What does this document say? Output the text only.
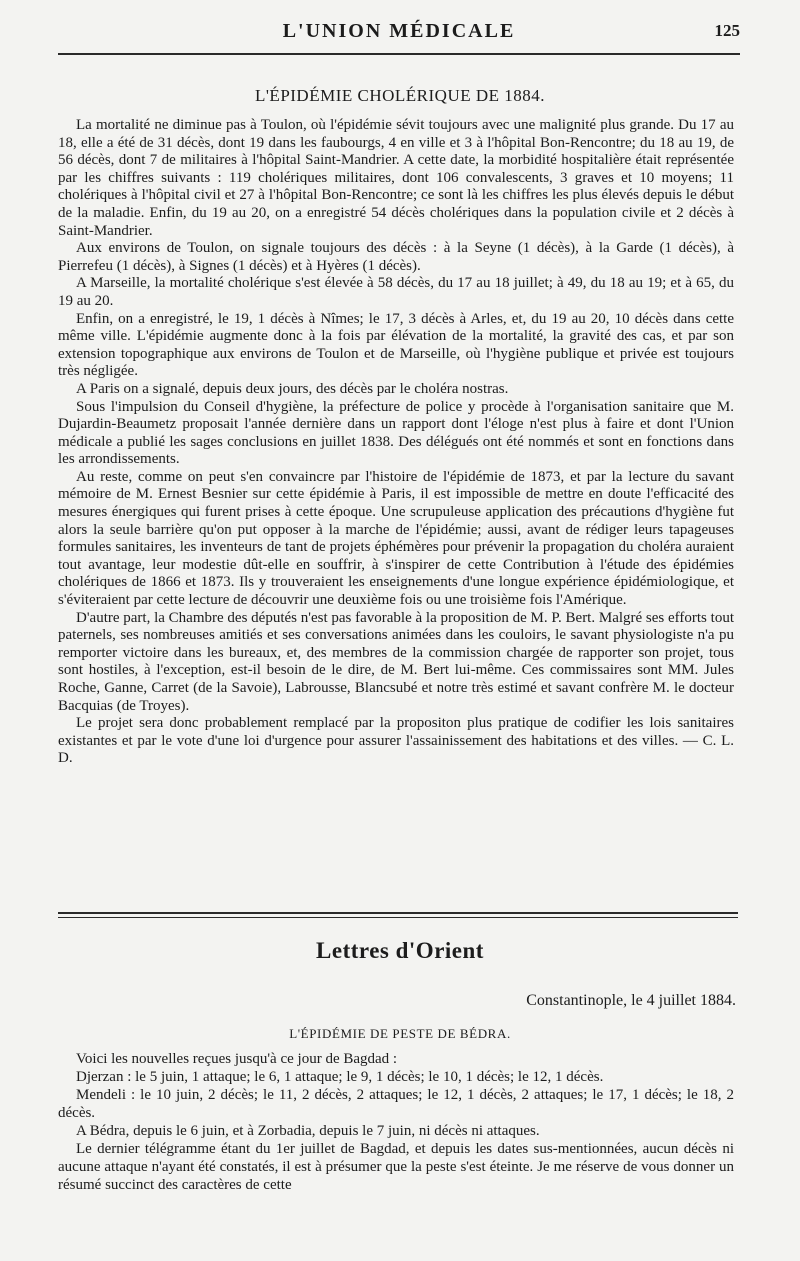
L'UNION MÉDICALE	125
L'ÉPIDÉMIE CHOLÉRIQUE DE 1884.

La mortalité ne diminue pas à Toulon, où l'épidémie sévit toujours avec une malignité plus grande. Du 17 au 18, elle a été de 31 décès, dont 19 dans les faubourgs, 4 en ville et 3 à l'hôpital Bon-Rencontre; du 18 au 19, de 56 décès, dont 7 de militaires à l'hôpital Saint-Mandrier. A cette date, la morbidité hospitalière était représentée par les chiffres suivants : 119 cholériques militaires, dont 106 convalescents, 3 graves et 10 moyens; 11 cholériques à l'hôpital civil et 27 à l'hôpital Bon-Rencontre; ce sont là les chiffres les plus élevés depuis le début de la maladie. Enfin, du 19 au 20, on a enregistré 54 décès cholériques dans la population civile et 2 décès à Saint-Mandrier.

Aux environs de Toulon, on signale toujours des décès : à la Seyne (1 décès), à la Garde (1 décès), à Pierrefeu (1 décès), à Signes (1 décès) et à Hyères (1 décès).

A Marseille, la mortalité cholérique s'est élevée à 58 décès, du 17 au 18 juillet; à 49, du 18 au 19; et à 65, du 19 au 20.

Enfin, on a enregistré, le 19, 1 décès à Nîmes; le 17, 3 décès à Arles, et, du 19 au 20, 10 décès dans cette même ville. L'épidémie augmente donc à la fois par élévation de la mortalité, la gravité des cas, et par son extension topographique aux environs de Toulon et de Marseille, où l'hygiène publique et privée est toujours très négligée.

A Paris on a signalé, depuis deux jours, des décès par le choléra nostras.

Sous l'impulsion du Conseil d'hygiène, la préfecture de police y procède à l'organisation sanitaire que M. Dujardin-Beaumetz proposait l'année dernière dans un rapport dont l'éloge n'est plus à faire et dont l'Union médicale a publié les sages conclusions en juillet 1838. Des délégués ont été nommés et sont en fonctions dans les arrondissements.

Au reste, comme on peut s'en convaincre par l'histoire de l'épidémie de 1873, et par la lecture du savant mémoire de M. Ernest Besnier sur cette épidémie à Paris, il est impossible de mettre en doute l'efficacité des mesures énergiques qui furent prises à cette époque. Une scrupuleuse application des précautions d'hygiène fut alors la seule barrière qu'on put opposer à la marche de l'épidémie; aussi, avant de rédiger leurs tapageuses formules sanitaires, les inventeurs de tant de projets éphémères pour prévenir la propagation du choléra auraient tout avantage, leur modestie dût-elle en souffrir, à s'inspirer de cette Contribution à l'étude des épidémies cholériques de 1866 et 1873. Ils y trouveraient les enseignements d'une longue expérience épidémiologique, et s'éviteraient par cette lecture de découvrir une deuxième fois ou une troisième fois l'Amérique.

D'autre part, la Chambre des députés n'est pas favorable à la proposition de M. P. Bert. Malgré ses efforts tout paternels, ses nombreuses amitiés et ses conversations animées dans les couloirs, le savant physiologiste n'a pu remporter victoire dans les bureaux, et, des membres de la commission chargée de rapporter son projet, tous sont hostiles, à l'exception, est-il besoin de le dire, de M. Bert lui-même. Ces commissaires sont MM. Jules Roche, Ganne, Carret (de la Savoie), Labrousse, Blancsubé et notre très estimé et savant confrère M. le docteur Bacquias (de Troyes).

Le projet sera donc probablement remplacé par la propositon plus pratique de codifier les lois sanitaires existantes et par le vote d'une loi d'urgence pour assurer l'assainissement des habitations et des villes. — C. L. D.

Lettres d'Orient
Constantinople, le 4 juillet 1884.
L'ÉPIDÉMIE DE PESTE DE BÉDRA.

Voici les nouvelles reçues jusqu'à ce jour de Bagdad :

Djerzan : le 5 juin, 1 attaque; le 6, 1 attaque; le 9, 1 décès; le 10, 1 décès; le 12, 1 décès.

Mendeli : le 10 juin, 2 décès; le 11, 2 décès, 2 attaques; le 12, 1 décès, 2 attaques; le 17, 1 décès; le 18, 2 décès.

A Bédra, depuis le 6 juin, et à Zorbadia, depuis le 7 juin, ni décès ni attaques.

Le dernier télégramme étant du 1er juillet de Bagdad, et depuis les dates sus-mentionnées, aucun décès ni aucune attaque n'ayant été constatés, il est à présumer que la peste s'est éteinte. Je me réserve de vous donner un résumé succinct des caractères de cette
